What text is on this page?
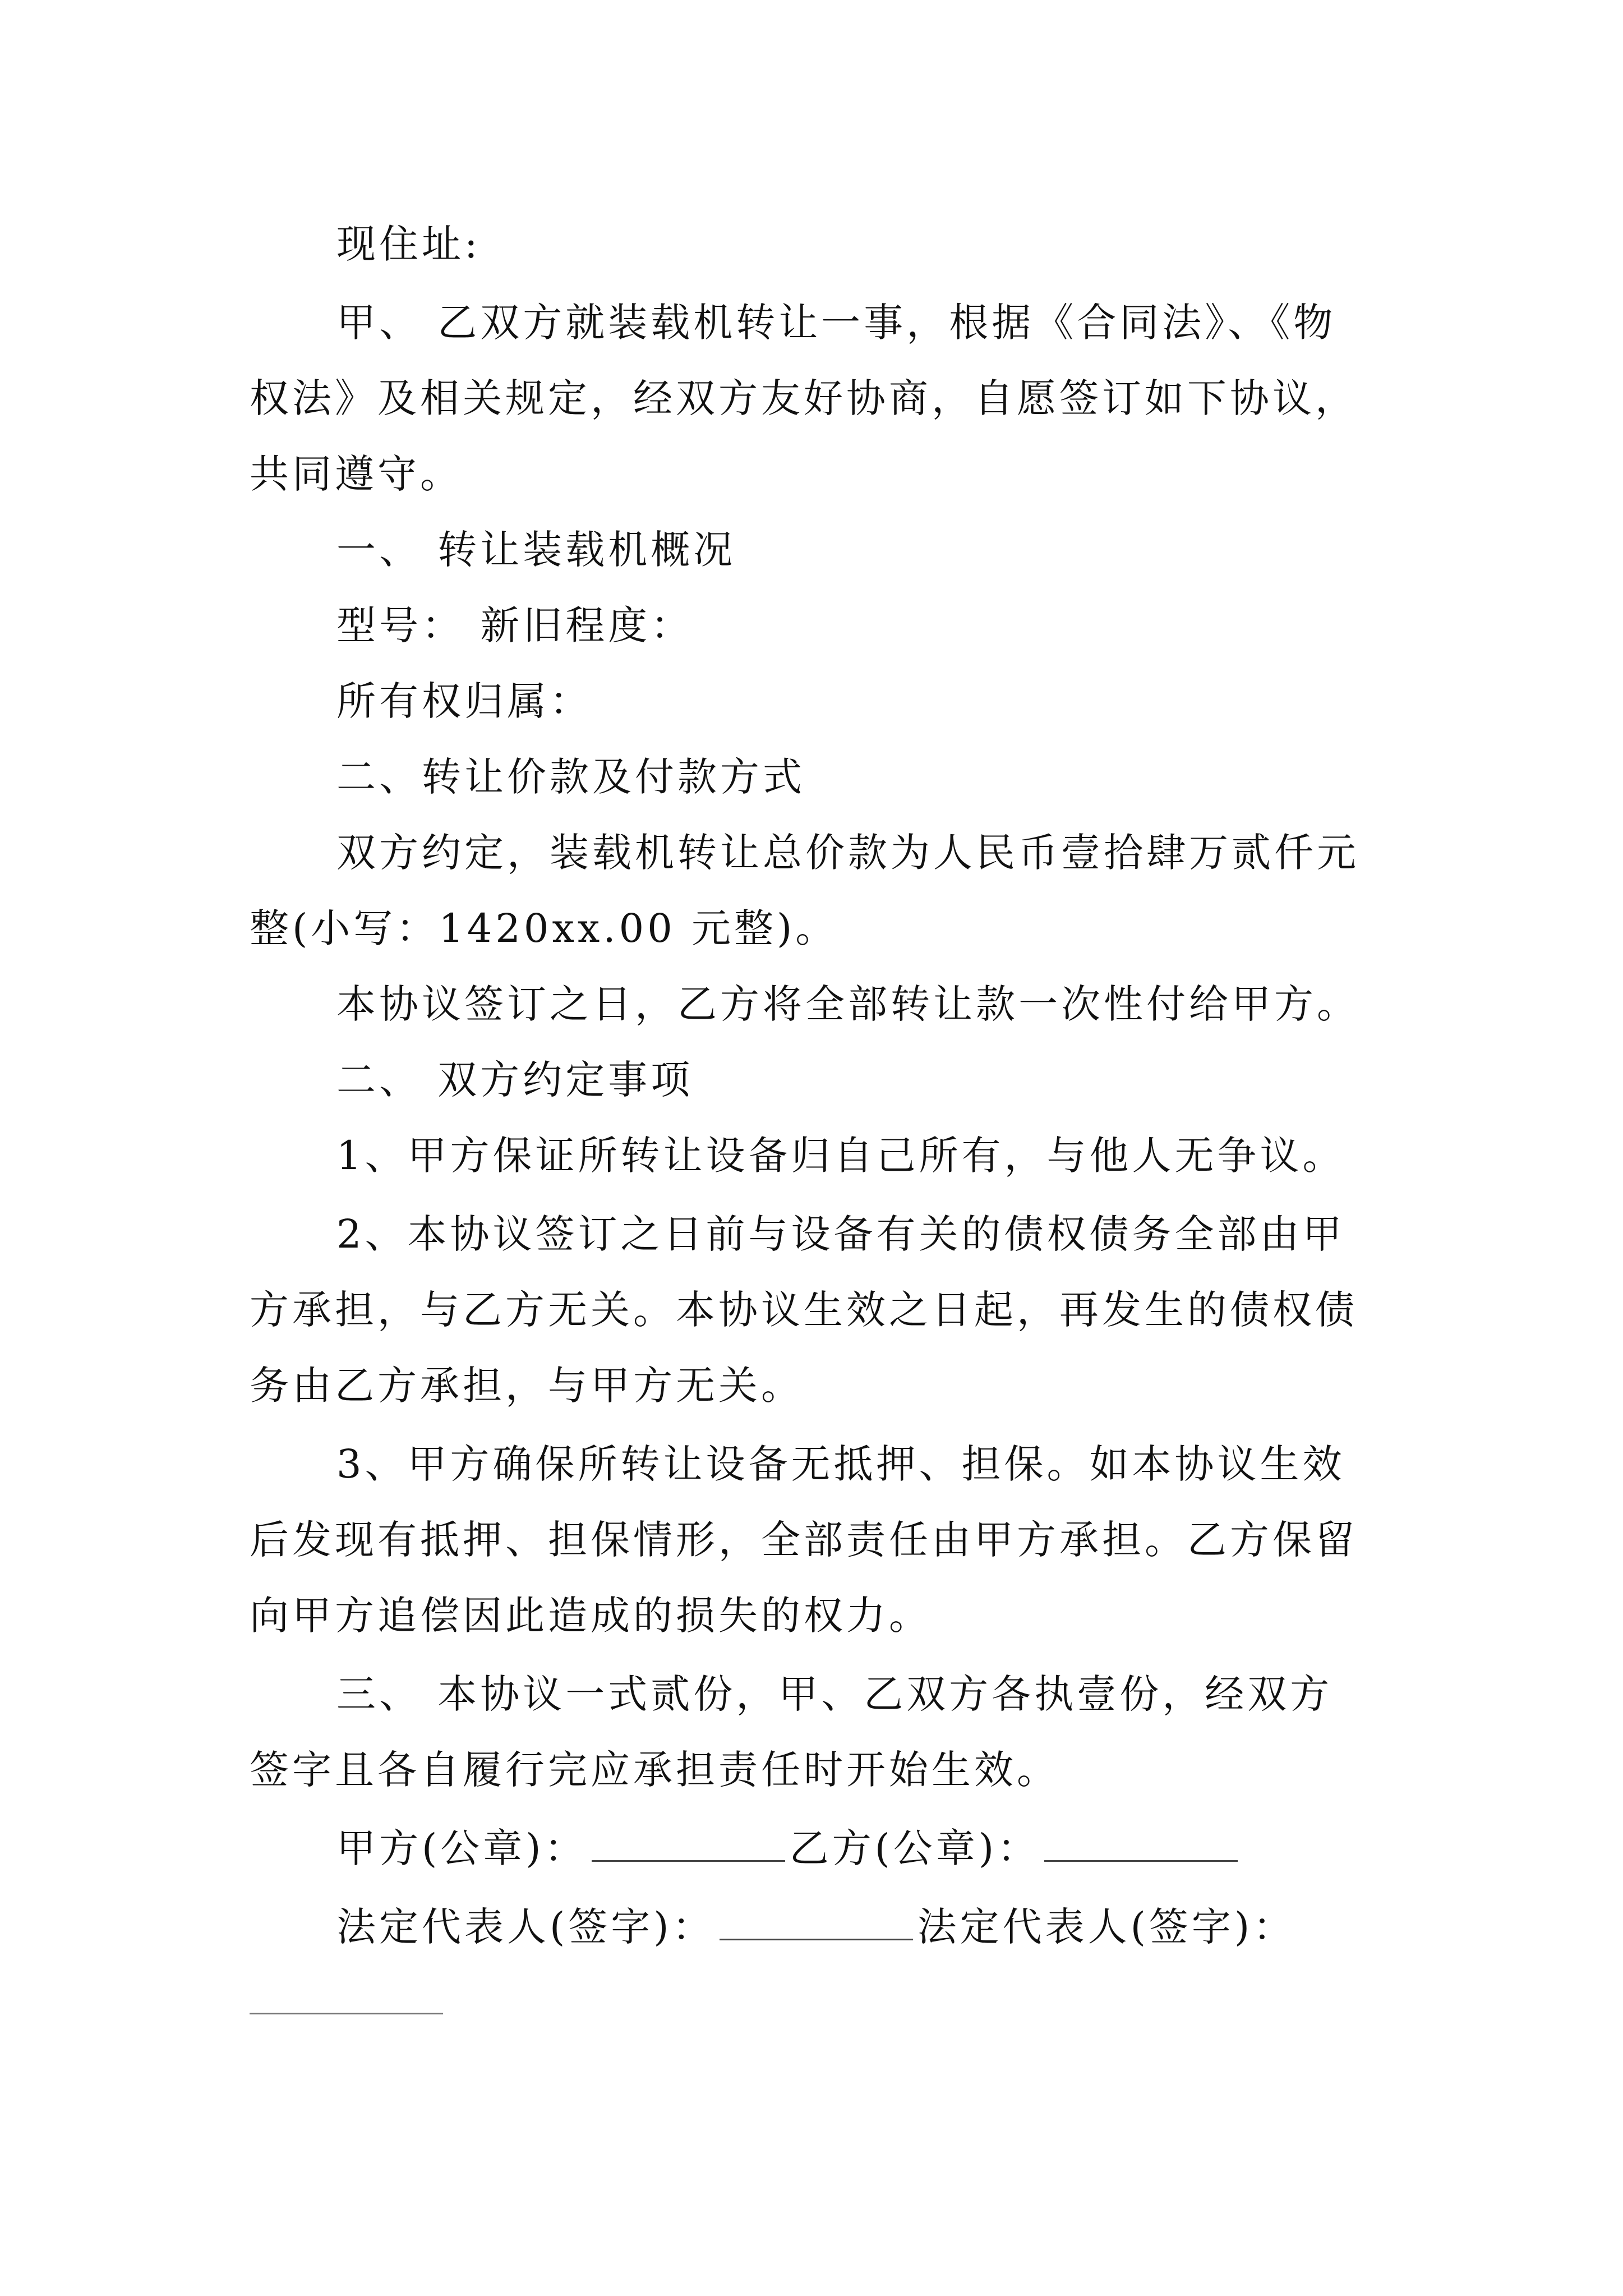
现住址:
甲、 乙双方就装载机转让一事，根据《合同法》、《物
权法》及相关规定，经双方友好协商，自愿签订如下协议，
共同遵守。
一、 转让装载机概况
型号： 新旧程度：
所有权归属：
二、转让价款及付款方式
双方约定，装载机转让总价款为人民币壹拾肆万贰仟元
整(小写：1420xx.00 元整)。
本协议签订之日，乙方将全部转让款一次性付给甲方。
二、 双方约定事项
1、甲方保证所转让设备归自己所有，与他人无争议。
2、本协议签订之日前与设备有关的债权债务全部由甲
方承担，与乙方无关。本协议生效之日起，再发生的债权债
务由乙方承担，与甲方无关。
3、甲方确保所转让设备无抵押、担保。如本协议生效
后发现有抵押、担保情形，全部责任由甲方承担。乙方保留
向甲方追偿因此造成的损失的权力。
三、 本协议一式贰份，甲、乙双方各执壹份，经双方
签字且各自履行完应承担责任时开始生效。
甲方(公章)：	乙方(公章)：
法定代表人(签字)：	法定代表人(签字)：
